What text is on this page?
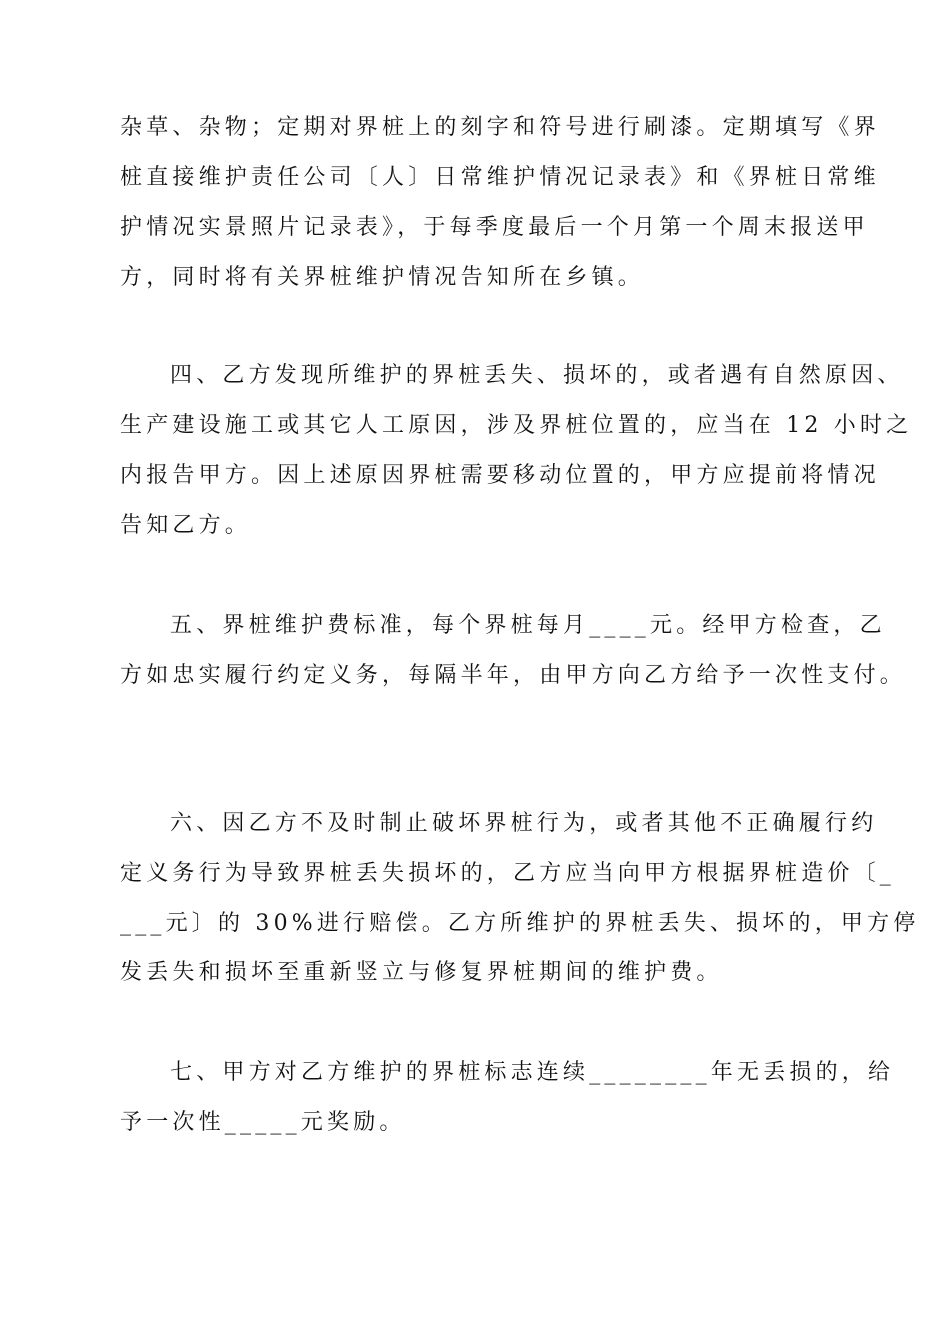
杂草、杂物；定期对界桩上的刻字和符号进行刷漆。定期填写《界
桩直接维护责任公司〔人〕日常维护情况记录表》和《界桩日常维
护情况实景照片记录表》，于每季度最后一个月第一个周末报送甲
方，同时将有关界桩维护情况告知所在乡镇。
四、乙方发现所维护的界桩丢失、损坏的，或者遇有自然原因、
生产建设施工或其它人工原因，涉及界桩位置的，应当在 12 小时之
内报告甲方。因上述原因界桩需要移动位置的，甲方应提前将情况
告知乙方。
五、界桩维护费标准，每个界桩每月____元。经甲方检查，乙
方如忠实履行约定义务，每隔半年，由甲方向乙方给予一次性支付。
六、因乙方不及时制止破坏界桩行为，或者其他不正确履行约
定义务行为导致界桩丢失损坏的，乙方应当向甲方根据界桩造价〔_
___元〕的 30%进行赔偿。乙方所维护的界桩丢失、损坏的，甲方停
发丢失和损坏至重新竖立与修复界桩期间的维护费。
七、甲方对乙方维护的界桩标志连续________年无丢损的，给
予一次性_____元奖励。
